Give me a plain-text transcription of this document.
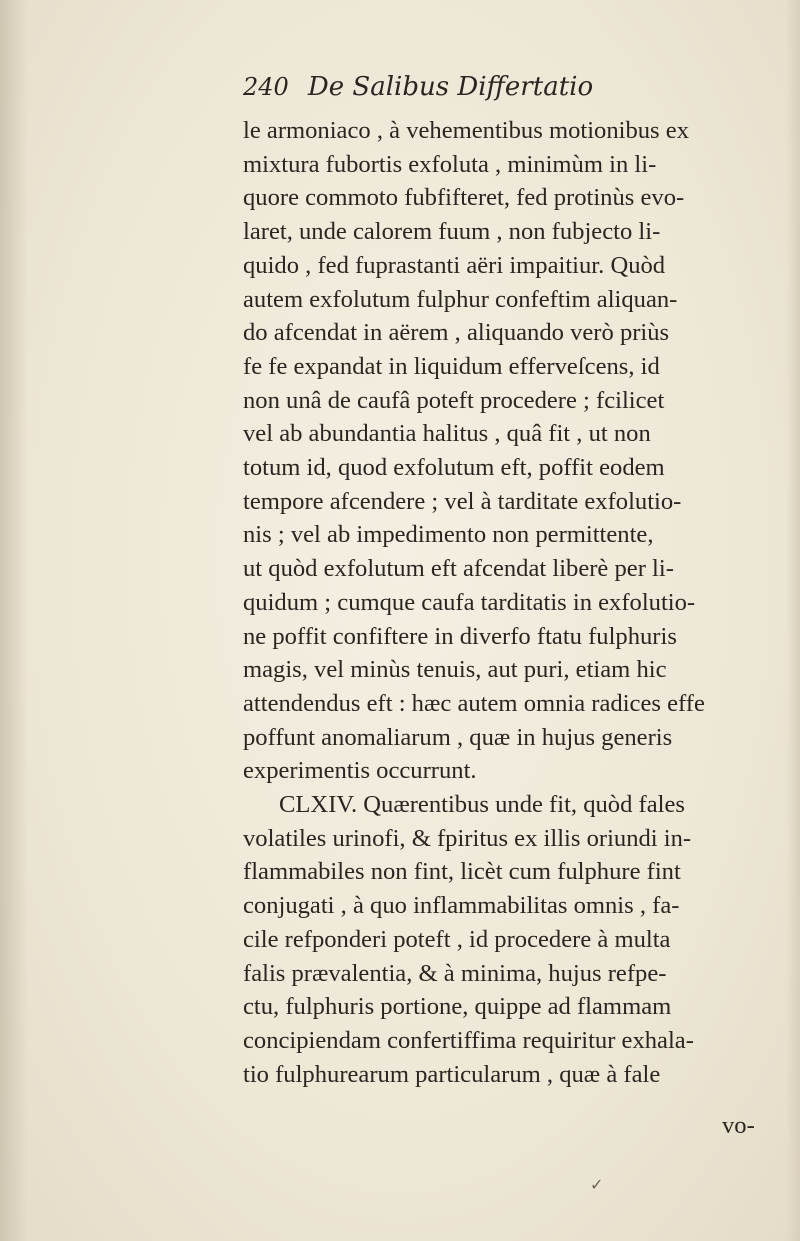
240 De Salibus Differtatio
le armoniaco , à vehementibus motionibus ex
mixtura fubortis exfoluta , minimùm in li-
quore commoto fubfifteret, fed protinùs evo-
laret, unde calorem fuum , non fubjecto li-
quido , fed fuprastanti aëri impaitiur. Quòd
autem exfolutum fulphur confeftim aliquan-
do afcendat in aërem , aliquando verò priùs
fe fe expandat in liquidum efferveſcens, id
non unâ de caufâ poteft procedere ; fcilicet
vel ab abundantia halitus , quâ fit , ut non
totum id, quod exfolutum eft, poffit eodem
tempore afcendere ; vel à tarditate exfolutio-
nis ; vel ab impedimento non permittente,
ut quòd exfolutum eft afcendat liberè per li-
quidum ; cumque caufa tarditatis in exfolutio-
ne poffit confiftere in diverfo ftatu fulphuris
magis, vel minùs tenuis, aut puri, etiam hic
attendendus eft : hæc autem omnia radices effe
poffunt anomaliarum , quæ in hujus generis
experimentis occurrunt.
CLXIV. Quærentibus unde fit, quòd fales
volatiles urinofi, & fpiritus ex illis oriundi in-
flammabiles non fint, licèt cum fulphure fint
conjugati , à quo inflammabilitas omnis , fa-
cile refponderi poteft , id procedere à multa
falis prævalentia, & à minima, hujus refpe-
ctu, fulphuris portione, quippe ad flammam
concipiendam confertiffima requiritur exhala-
tio fulphurearum particularum , quæ à fale
vo-
✓
